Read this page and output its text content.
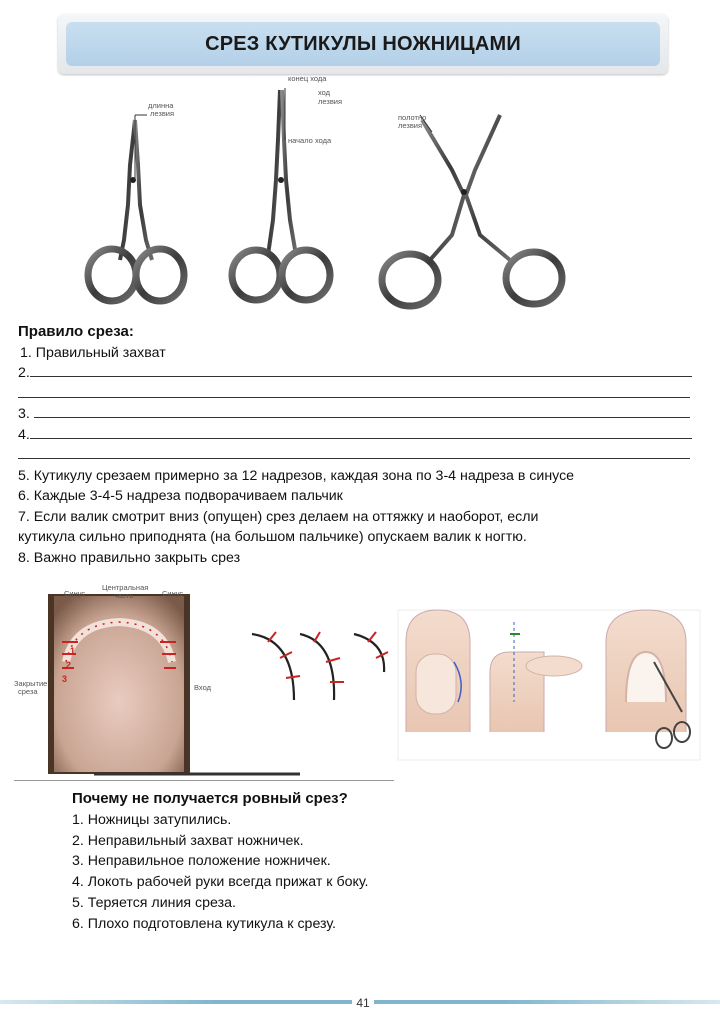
СРЕЗ КУТИКУЛЫ НОЖНИЦАМИ
длинна
лезвия
конец хода
ход
лезвия
начало хода
полотно
лезвия
Правило среза:
1. Правильный захват
2.
3.
4.
5. Кутикулу срезаем примерно за 12 надрезов, каждая зона по 3-4 надреза в синусе
6. Каждые 3-4-5 надреза подворачиваем пальчик
7. Если валик смотрит вниз (опущен) срез делаем на оттяжку и наоборот, если
кутикула сильно приподнята (на большом пальчике) опускаем валик к ногтю.
8. Важно правильно закрыть срез
Центральная
часть
Синус	Синус
Закрытие
среза	Вход
1
2
3
Почему не получается ровный срез?
1. Ножницы затупились.
2. Неправильный захват ножничек.
3. Неправильное положение ножничек.
4. Локоть рабочей руки всегда прижат к боку.
5. Теряется линия среза.
6. Плохо подготовлена кутикула к срезу.
41
